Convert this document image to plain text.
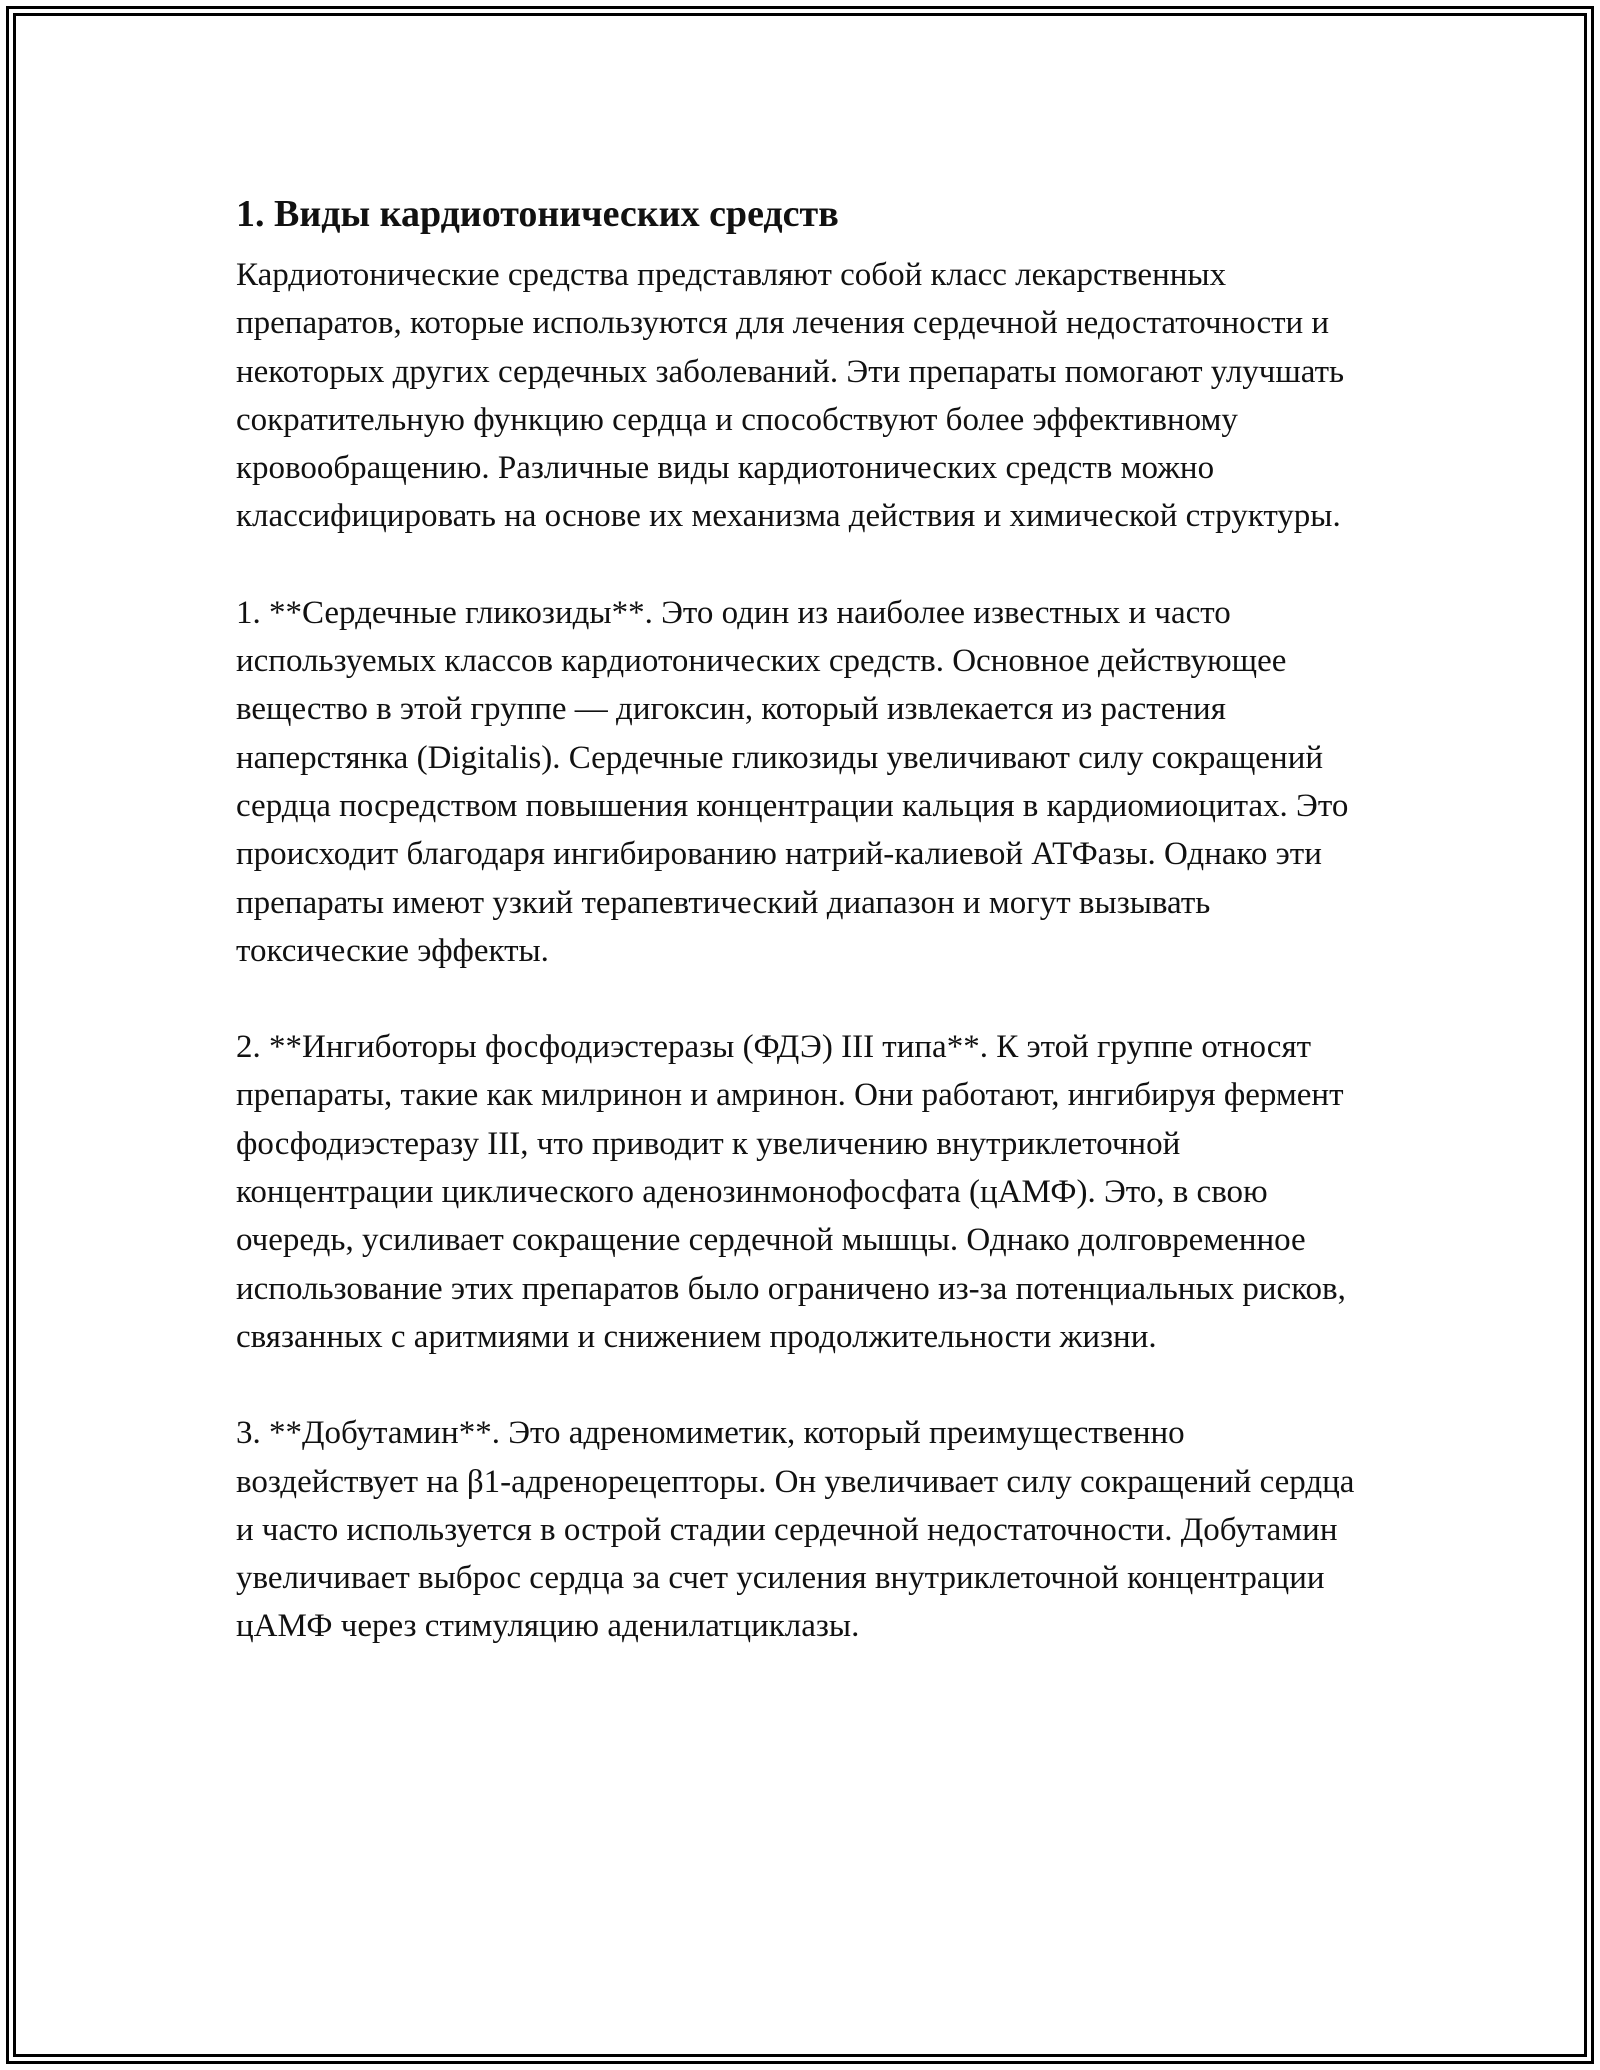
1. Виды кардиотонических средств

Кардиотонические средства представляют собой класс лекарственных препаратов, которые используются для лечения сердечной недостаточности и некоторых других сердечных заболеваний. Эти препараты помогают улучшать сократительную функцию сердца и способствуют более эффективному кровообращению. Различные виды кардиотонических средств можно классифицировать на основе их механизма действия и химической структуры.

1. **Сердечные гликозиды**. Это один из наиболее известных и часто используемых классов кардиотонических средств. Основное действующее вещество в этой группе — дигоксин, который извлекается из растения наперстянка (Digitalis). Сердечные гликозиды увеличивают силу сокращений сердца посредством повышения концентрации кальция в кардиомиоцитах. Это происходит благодаря ингибированию натрий-калиевой АТФазы. Однако эти препараты имеют узкий терапевтический диапазон и могут вызывать токсические эффекты.

2. **Ингиботоры фосфодиэстеразы (ФДЭ) III типа**. К этой группе относят препараты, такие как милринон и амринон. Они работают, ингибируя фермент фосфодиэстеразу III, что приводит к увеличению внутриклеточной концентрации циклического аденозинмонофосфата (цАМФ). Это, в свою очередь, усиливает сокращение сердечной мышцы. Однако долговременное использование этих препаратов было ограничено из-за потенциальных рисков, связанных с аритмиями и снижением продолжительности жизни.

3. **Добутамин**. Это адреномиметик, который преимущественно воздействует на β1-адренорецепторы. Он увеличивает силу сокращений сердца и часто используется в острой стадии сердечной недостаточности. Добутамин увеличивает выброс сердца за счет усиления внутриклеточной концентрации цАМФ через стимуляцию аденилатциклазы.
